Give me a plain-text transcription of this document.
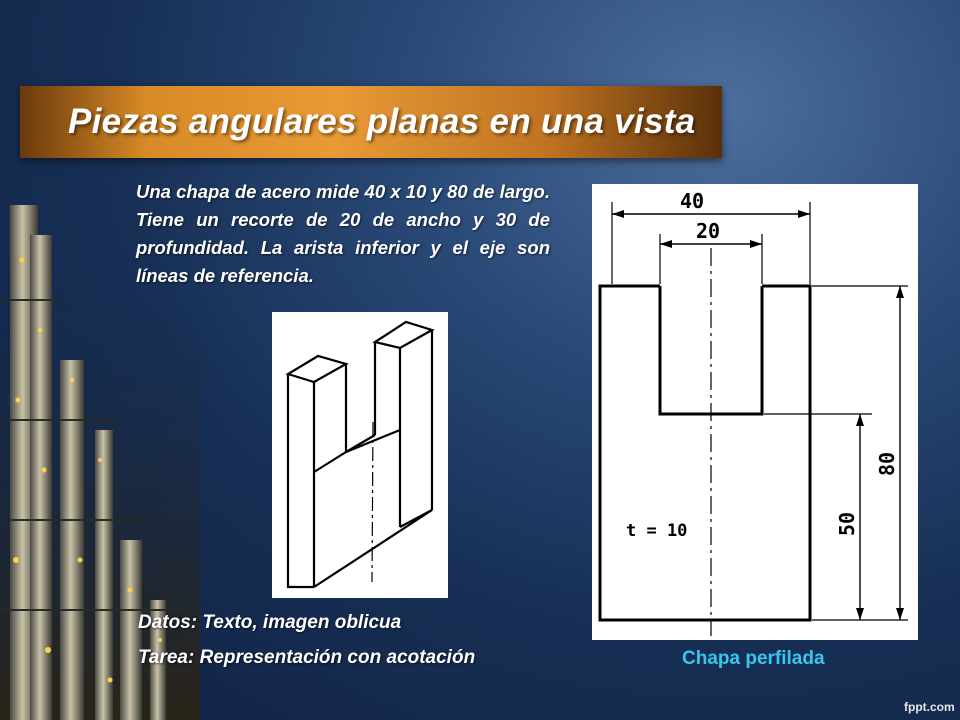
Piezas angulares planas en una vista

Una chapa de acero mide 40 x 10 y 80 de largo. Tiene un recorte de 20 de ancho y 30 de profundidad. La arista inferior y el eje son líneas de referencia.

40
20
80
50
t = 10

Datos: Texto, imagen oblicua

Tarea: Representación con acotación	Chapa perfilada

fppt.com
